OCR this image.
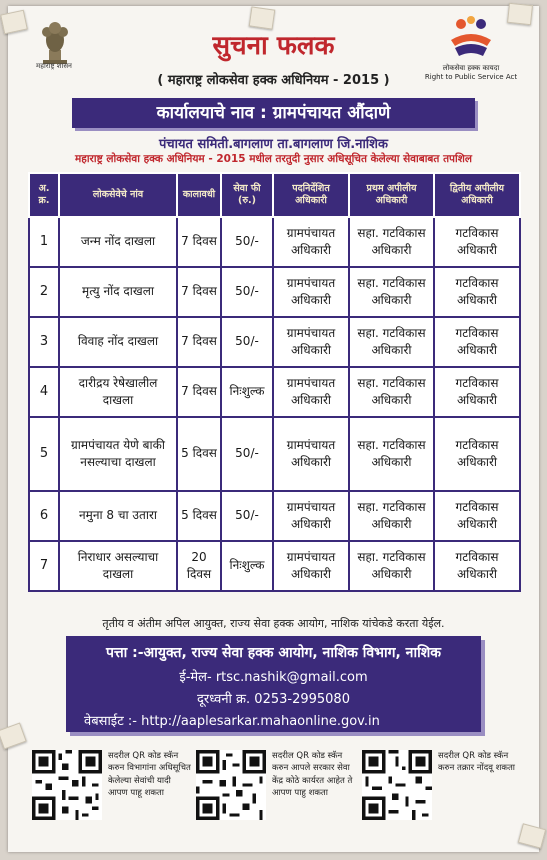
महाराष्ट्र शासन	लोकसेवा हक्क कायदा
Right to Public Service Act
सुचना फलक
( महाराष्ट्र लोकसेवा हक्क अधिनियम - 2015 )
कार्यालयाचे नाव : ग्रामपंचायत औंदाणे
पंचायत समिती.बागलाण ता.बागलाण जि.नाशिक
महाराष्ट्र लोकसेवा हक्क अधिनियम - 2015 मधील तरतुदी नुसार अधिसूचित केलेल्या सेवाबाबत तपशिल
अ. क्र.	लोकसेवेचे नांव	कालावधी	सेवा फी (रु.)	पदनिर्देशित अधिकारी	प्रथम अपीलीय अधिकारी	द्वितीय अपीलीय अधिकारी
1	जन्म नोंद दाखला	7 दिवस	50/-	ग्रामपंचायत अधिकारी	सहा. गटविकास अधिकारी	गटविकास अधिकारी
2	मृत्यु नोंद दाखला	7 दिवस	50/-	ग्रामपंचायत अधिकारी	सहा. गटविकास अधिकारी	गटविकास अधिकारी
3	विवाह नोंद दाखला	7 दिवस	50/-	ग्रामपंचायत अधिकारी	सहा. गटविकास अधिकारी	गटविकास अधिकारी
4	दारीद्रय रेषेखालील दाखला	7 दिवस	निःशुल्क	ग्रामपंचायत अधिकारी	सहा. गटविकास अधिकारी	गटविकास अधिकारी
5	ग्रामपंचायत येणे बाकी नसल्याचा दाखला	5 दिवस	50/-	ग्रामपंचायत अधिकारी	सहा. गटविकास अधिकारी	गटविकास अधिकारी
6	नमुना 8 चा उतारा	5 दिवस	50/-	ग्रामपंचायत अधिकारी	सहा. गटविकास अधिकारी	गटविकास अधिकारी
7	निराधार असल्याचा दाखला	20 दिवस	निःशुल्क	ग्रामपंचायत अधिकारी	सहा. गटविकास अधिकारी	गटविकास अधिकारी
तृतीय व अंतीम अपिल आयुक्त, राज्य सेवा हक्क आयोग, नाशिक यांचेकडे करता येईल.
पत्ता :-आयुक्त, राज्य सेवा हक्क आयोग, नाशिक विभाग, नाशिक
ई-मेल- rtsc.nashik@gmail.com
दूरध्वनी क्र. 0253-2995080
वेबसाईट :- http://aaplesarkar.mahaonline.gov.in
सदरील QR कोड स्कॅन करुन विभागांना अधिसूचित केलेल्या सेवांची यादी आपण पाहू शकता
सदरील QR कोड स्कॅन करुन आपले सरकार सेवा केंद्र कोठे कार्यरत आहेत ते आपण पाहु शकता
सदरील QR कोड स्कॅन करुन तक्रार नोंदवू शकता
